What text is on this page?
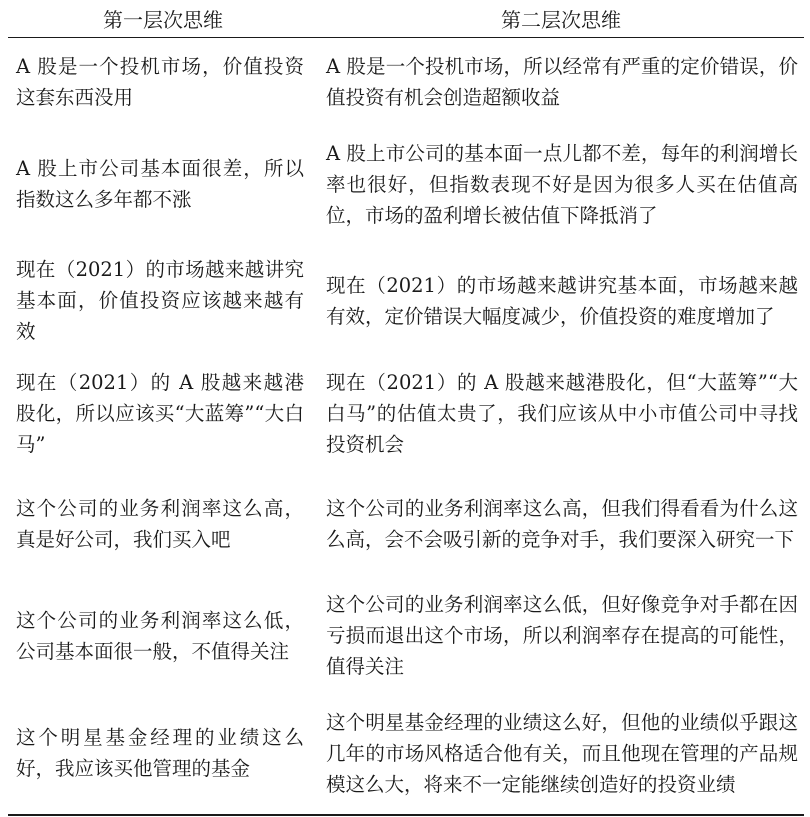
第一层次思维	第二层次思维
A 股是一个投机市场，价值投资这套东西没用	A 股是一个投机市场，所以经常有严重的定价错误，价值投资有机会创造超额收益
A 股上市公司基本面很差，所以指数这么多年都不涨	A 股上市公司的基本面一点儿都不差，每年的利润增长率也很好，但指数表现不好是因为很多人买在估值高位，市场的盈利增长被估值下降抵消了
现在（2021）的市场越来越讲究基本面，价值投资应该越来越有效	现在（2021）的市场越来越讲究基本面，市场越来越有效，定价错误大幅度减少，价值投资的难度增加了
现在（2021）的 A 股越来越港股化，所以应该买“大蓝筹”“大白马”	现在（2021）的 A 股越来越港股化，但“大蓝筹”“大白马”的估值太贵了，我们应该从中小市值公司中寻找投资机会
这个公司的业务利润率这么高，真是好公司，我们买入吧	这个公司的业务利润率这么高，但我们得看看为什么这么高，会不会吸引新的竞争对手，我们要深入研究一下
这个公司的业务利润率这么低，公司基本面很一般，不值得关注	这个公司的业务利润率这么低，但好像竞争对手都在因亏损而退出这个市场，所以利润率存在提高的可能性，值得关注
这个明星基金经理的业绩这么好，我应该买他管理的基金	这个明星基金经理的业绩这么好，但他的业绩似乎跟这几年的市场风格适合他有关，而且他现在管理的产品规模这么大，将来不一定能继续创造好的投资业绩
